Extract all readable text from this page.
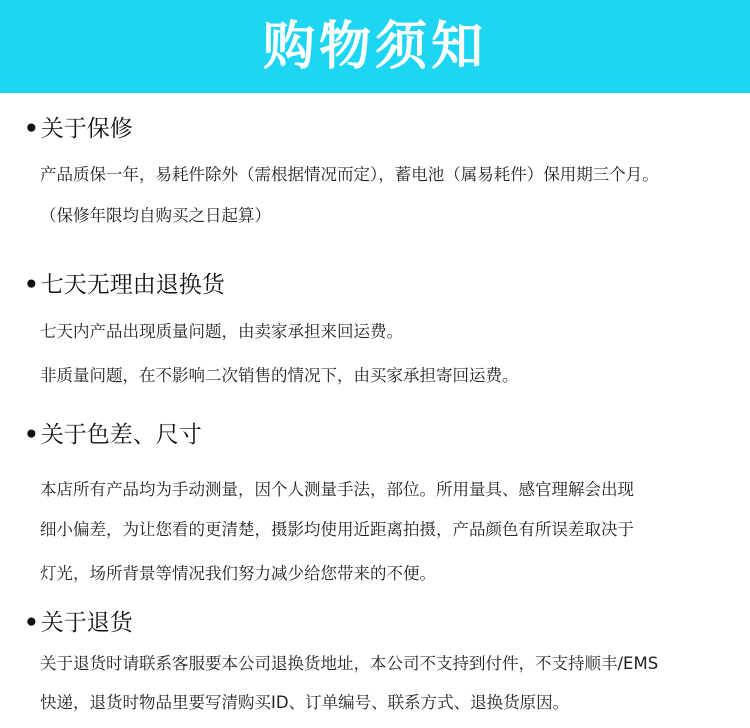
购物须知
•关于保修
产品质保一年，易耗件除外（需根据情况而定），蓄电池（属易耗件）保用期三个月。
（保修年限均自购买之日起算）
•七天无理由退换货
七天内产品出现质量问题，由卖家承担来回运费。
非质量问题，在不影响二次销售的情况下，由买家承担寄回运费。
•关于色差、尺寸
本店所有产品均为手动测量，因个人测量手法，部位。所用量具、感官理解会出现
细小偏差，为让您看的更清楚，摄影均使用近距离拍摄，产品颜色有所误差取决于
灯光，场所背景等情况我们努力减少给您带来的不便。
•关于退货
关于退货时请联系客服要本公司退换货地址，本公司不支持到付件，不支持顺丰/EMS
快递，退货时物品里要写清购买ID、订单编号、联系方式、退换货原因。
